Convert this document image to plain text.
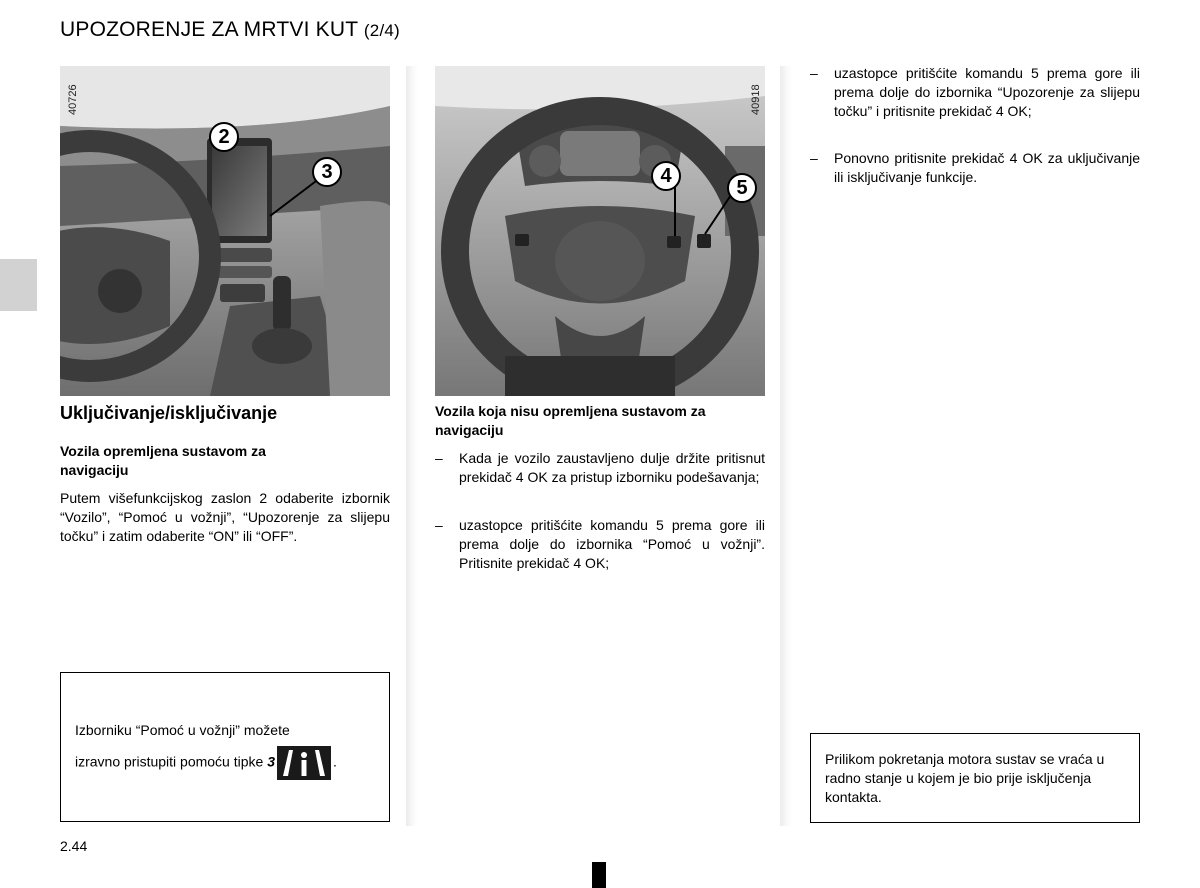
UPOZORENJE ZA MRTVI KUT (2/4)
40726
2
3
40918
4
5
Uključivanje/isključivanje
Vozila opremljena sustavom za navigaciju
Putem višefunkcijskog zaslon 2 odaberite izbornik “Vozilo”, “Pomoć u vožnji”, “Upozorenje za slijepu točku” i zatim odaberite “ON” ili “OFF”.
Izborniku “Pomoć u vožnji” možete
izravno pristupiti pomoću tipke 3	.
Vozila koja nisu opremljena sustavom za navigaciju
– Kada je vozilo zaustavljeno dulje držite pritisnut prekidač 4 OK za pristup izborniku podešavanja;
– uzastopce pritišćite komandu 5 prema gore ili prema dolje do izbornika “Pomoć u vožnji”. Pritisnite prekidač 4 OK;
– uzastopce pritišćite komandu 5 prema gore ili prema dolje do izbornika “Upozorenje za slijepu točku” i pritisnite prekidač 4 OK;
– Ponovno pritisnite prekidač 4 OK za uključivanje ili isključivanje funkcije.
Prilikom pokretanja motora sustav se vraća u radno stanje u kojem je bio prije isključenja kontakta.
2.44
